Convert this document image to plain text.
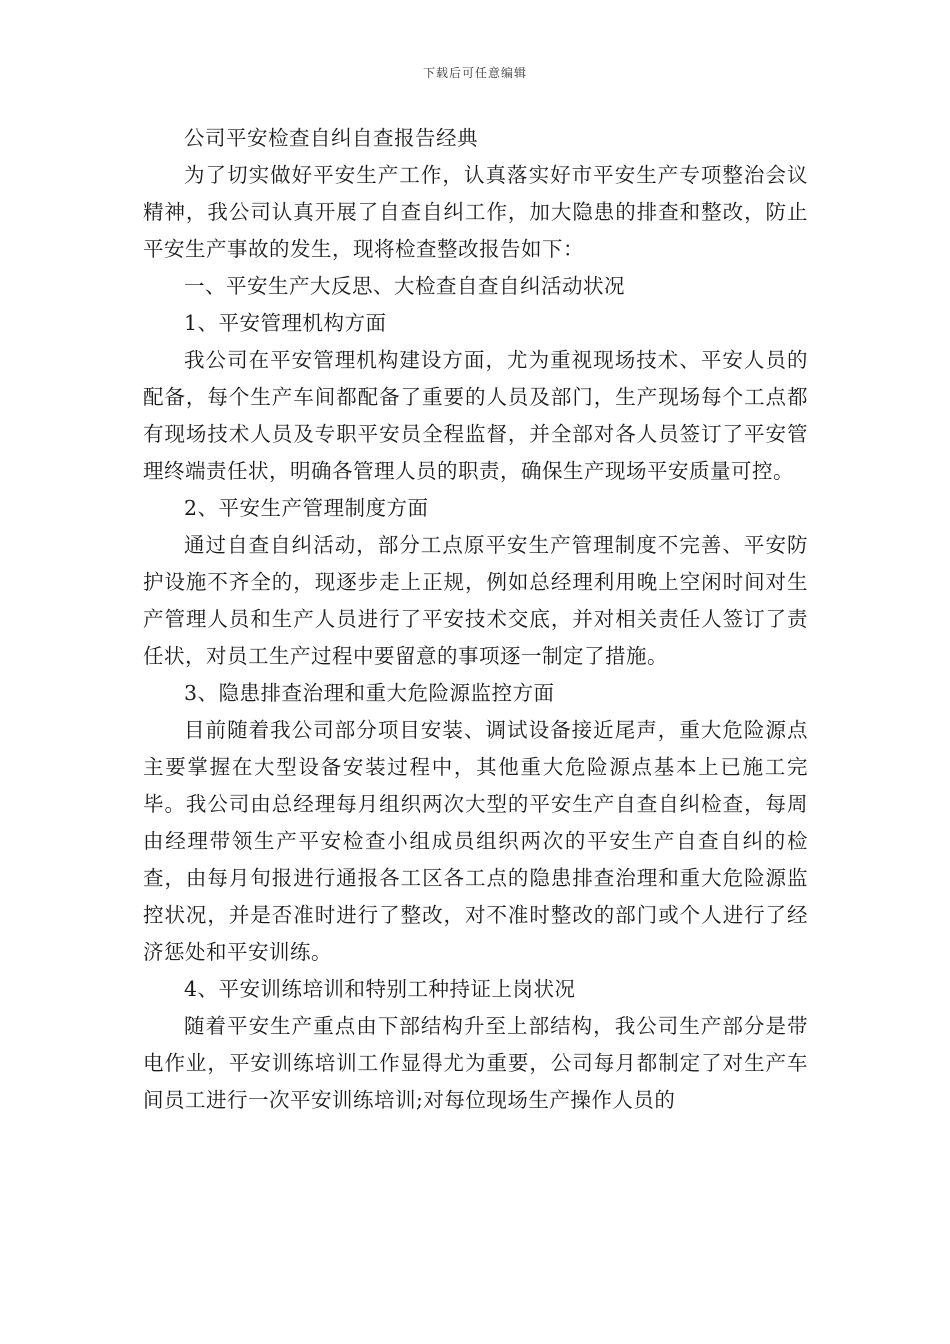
下载后可任意编辑

公司平安检查自纠自查报告经典

为了切实做好平安生产工作，认真落实好市平安生产专项整治会议精神，我公司认真开展了自查自纠工作，加大隐患的排查和整改，防止平安生产事故的发生，现将检查整改报告如下：

一、平安生产大反思、大检查自查自纠活动状况

1、平安管理机构方面

我公司在平安管理机构建设方面，尤为重视现场技术、平安人员的配备，每个生产车间都配备了重要的人员及部门，生产现场每个工点都有现场技术人员及专职平安员全程监督，并全部对各人员签订了平安管理终端责任状，明确各管理人员的职责，确保生产现场平安质量可控。

2、平安生产管理制度方面

通过自查自纠活动，部分工点原平安生产管理制度不完善、平安防护设施不齐全的，现逐步走上正规，例如总经理利用晚上空闲时间对生产管理人员和生产人员进行了平安技术交底，并对相关责任人签订了责任状，对员工生产过程中要留意的事项逐一制定了措施。

3、隐患排查治理和重大危险源监控方面

目前随着我公司部分项目安装、调试设备接近尾声，重大危险源点主要掌握在大型设备安装过程中，其他重大危险源点基本上已施工完毕。我公司由总经理每月组织两次大型的平安生产自查自纠检查，每周由经理带领生产平安检查小组成员组织两次的平安生产自查自纠的检查，由每月旬报进行通报各工区各工点的隐患排查治理和重大危险源监控状况，并是否准时进行了整改，对不准时整改的部门或个人进行了经济惩处和平安训练。

4、平安训练培训和特别工种持证上岗状况

随着平安生产重点由下部结构升至上部结构，我公司生产部分是带电作业，平安训练培训工作显得尤为重要，公司每月都制定了对生产车间员工进行一次平安训练培训;对每位现场生产操作人员的
